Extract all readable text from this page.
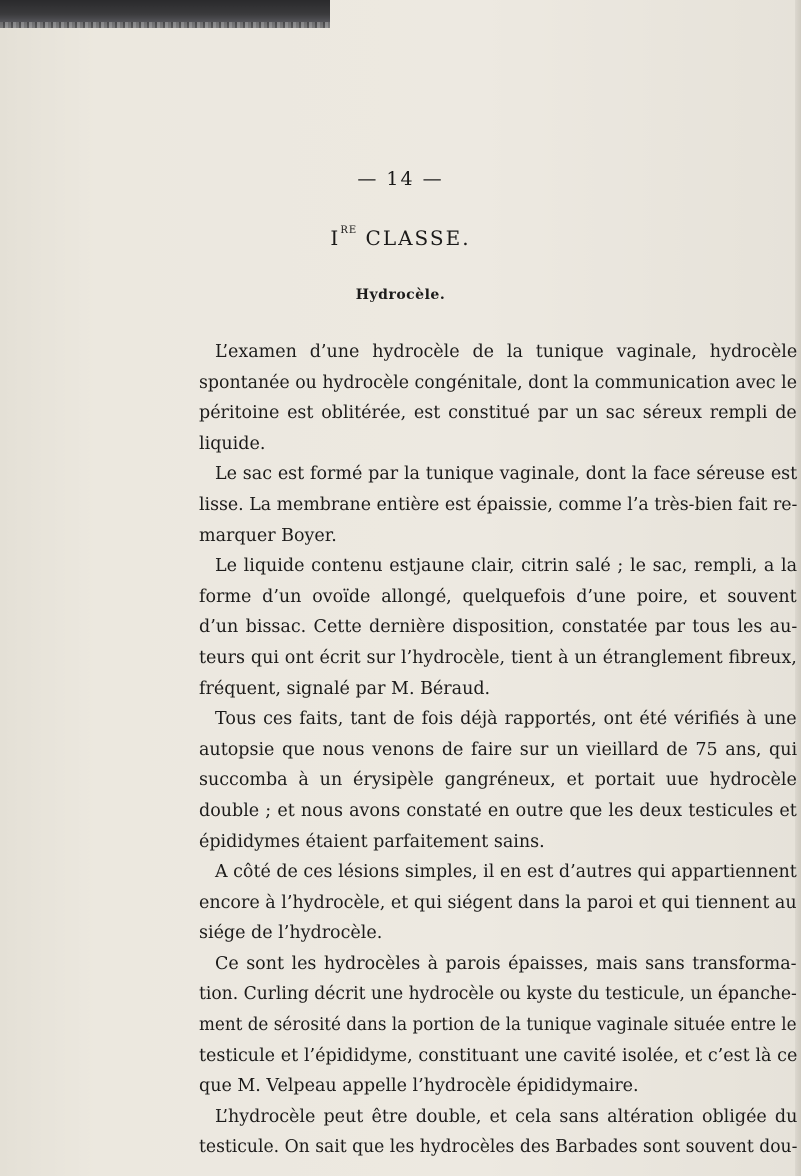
— 14 —
IRE CLASSE.
Hydrocèle.
L’examen d’une hydrocèle de la tunique vaginale, hydrocèle
spontanée ou hydrocèle congénitale, dont la communication avec le
péritoine est oblitérée, est constitué par un sac séreux rempli de
liquide.
Le sac est formé par la tunique vaginale, dont la face séreuse est
lisse. La membrane entière est épaissie, comme l’a très-bien fait re-
marquer Boyer.
Le liquide contenu estjaune clair, citrin salé ; le sac, rempli, a la
forme d’un ovoïde allongé, quelquefois d’une poire, et souvent
d’un bissac. Cette dernière disposition, constatée par tous les au-
teurs qui ont écrit sur l’hydrocèle, tient à un étranglement fibreux,
fréquent, signalé par M. Béraud.
Tous ces faits, tant de fois déjà rapportés, ont été vérifiés à une
autopsie que nous venons de faire sur un vieillard de 75 ans, qui
succomba à un érysipèle gangréneux, et portait uue hydrocèle
double ; et nous avons constaté en outre que les deux testicules et
épididymes étaient parfaitement sains.
A côté de ces lésions simples, il en est d’autres qui appartiennent
encore à l’hydrocèle, et qui siégent dans la paroi et qui tiennent au
siége de l’hydrocèle.
Ce sont les hydrocèles à parois épaisses, mais sans transforma-
tion. Curling décrit une hydrocèle ou kyste du testicule, un épanche-
ment de sérosité dans la portion de la tunique vaginale située entre le
testicule et l’épididyme, constituant une cavité isolée, et c’est là ce
que M. Velpeau appelle l’hydrocèle épididymaire.
L’hydrocèle peut être double, et cela sans altération obligée du
testicule. On sait que les hydrocèles des Barbades sont souvent dou-
